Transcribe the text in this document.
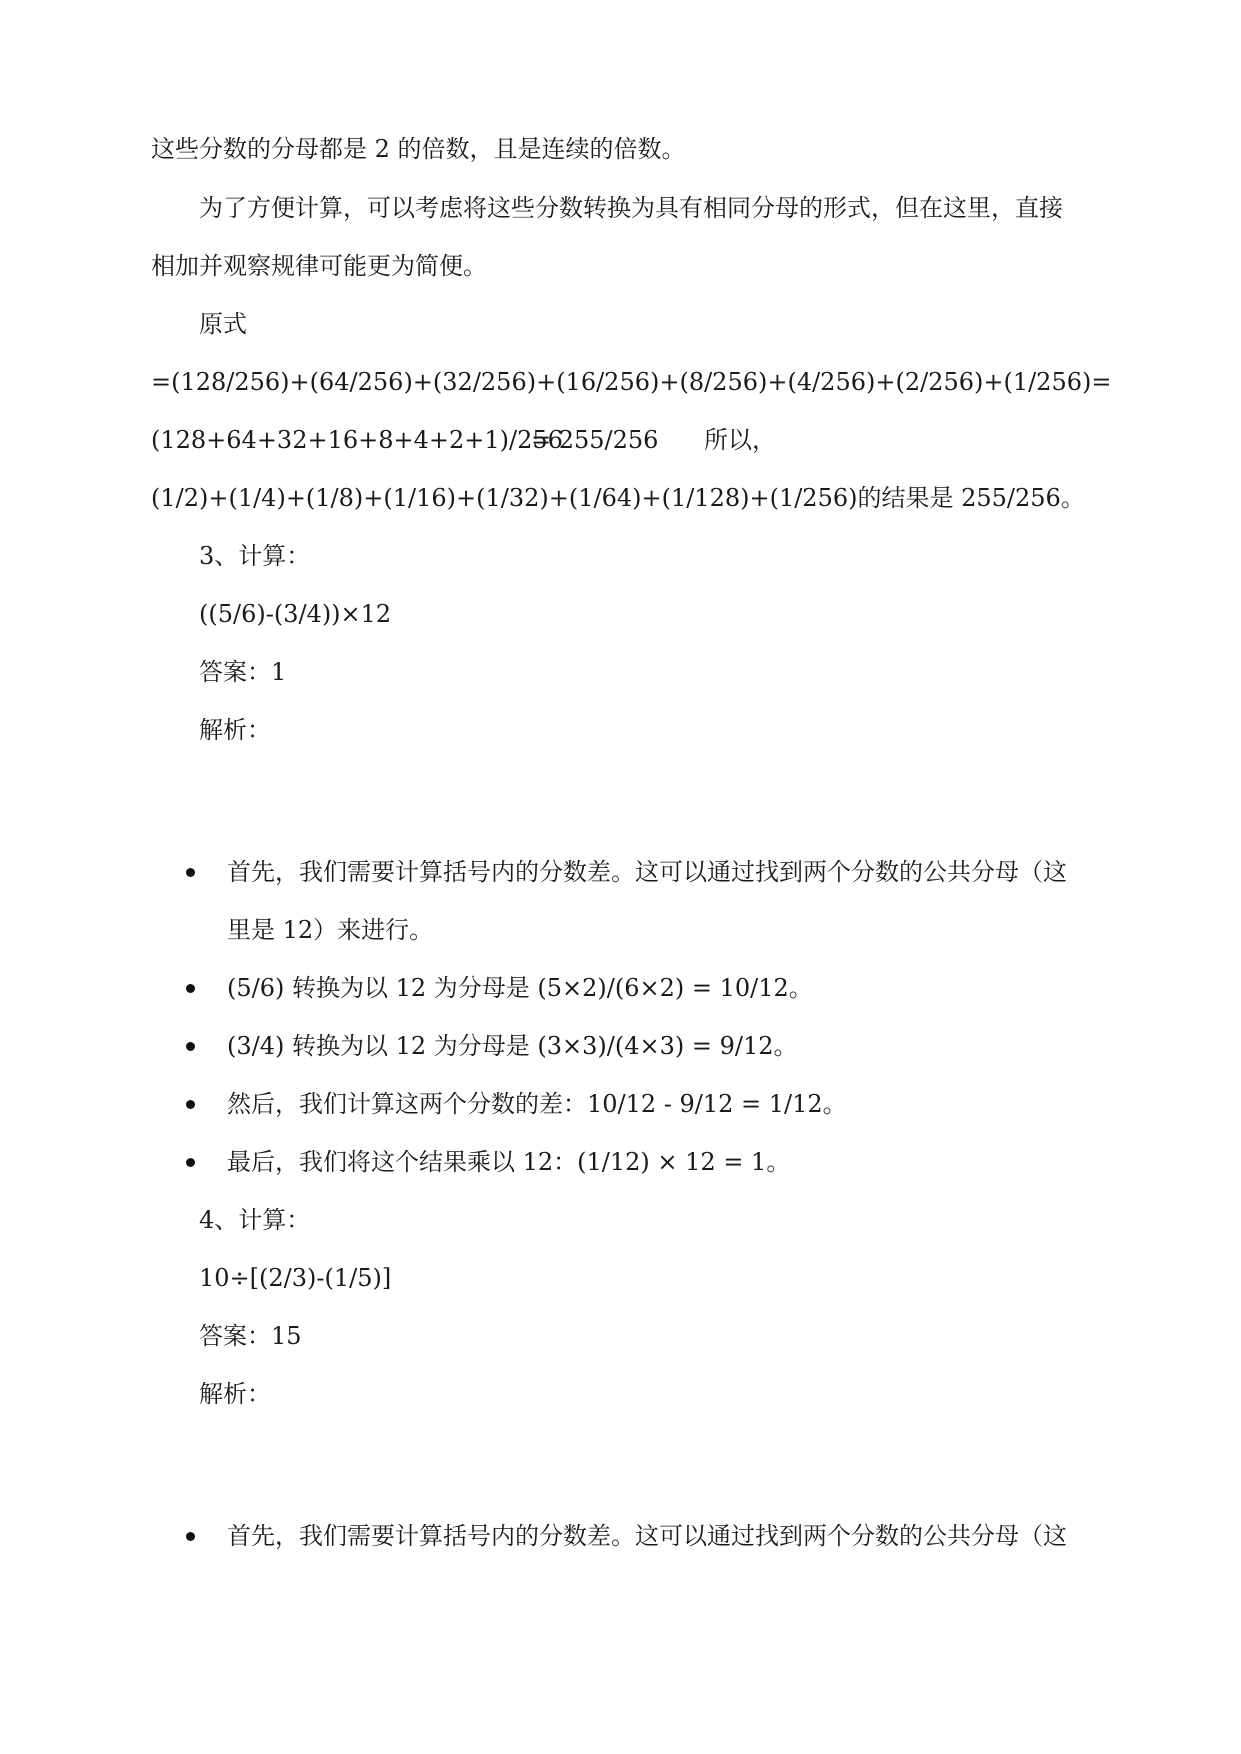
这些分数的分母都是 2 的倍数，且是连续的倍数。
为了方便计算，可以考虑将这些分数转换为具有相同分母的形式，但在这里，直接
相加并观察规律可能更为简便。
原式
=(128/256)+(64/256)+(32/256)+(16/256)+(8/256)+(4/256)+(2/256)+(1/256) =
(128+64+32+16+8+4+2+1)/256
= 255/256 所以，
(1/2)+(1/4)+(1/8)+(1/16)+(1/32)+(1/64)+(1/128)+(1/256)的结果是 255/256。
3、计算：
((5/6)-(3/4))×12
答案：1
解析：
首先，我们需要计算括号内的分数差。这可以通过找到两个分数的公共分母（这
里是 12）来进行。
(5/6) 转换为以 12 为分母是 (5×2)/(6×2) = 10/12。
(3/4) 转换为以 12 为分母是 (3×3)/(4×3) = 9/12。
然后，我们计算这两个分数的差：10/12 - 9/12 = 1/12。
最后，我们将这个结果乘以 12：(1/12) × 12 = 1。
4、计算：
10÷[(2/3)-(1/5)]
答案：15
解析：
首先，我们需要计算括号内的分数差。这可以通过找到两个分数的公共分母（这
